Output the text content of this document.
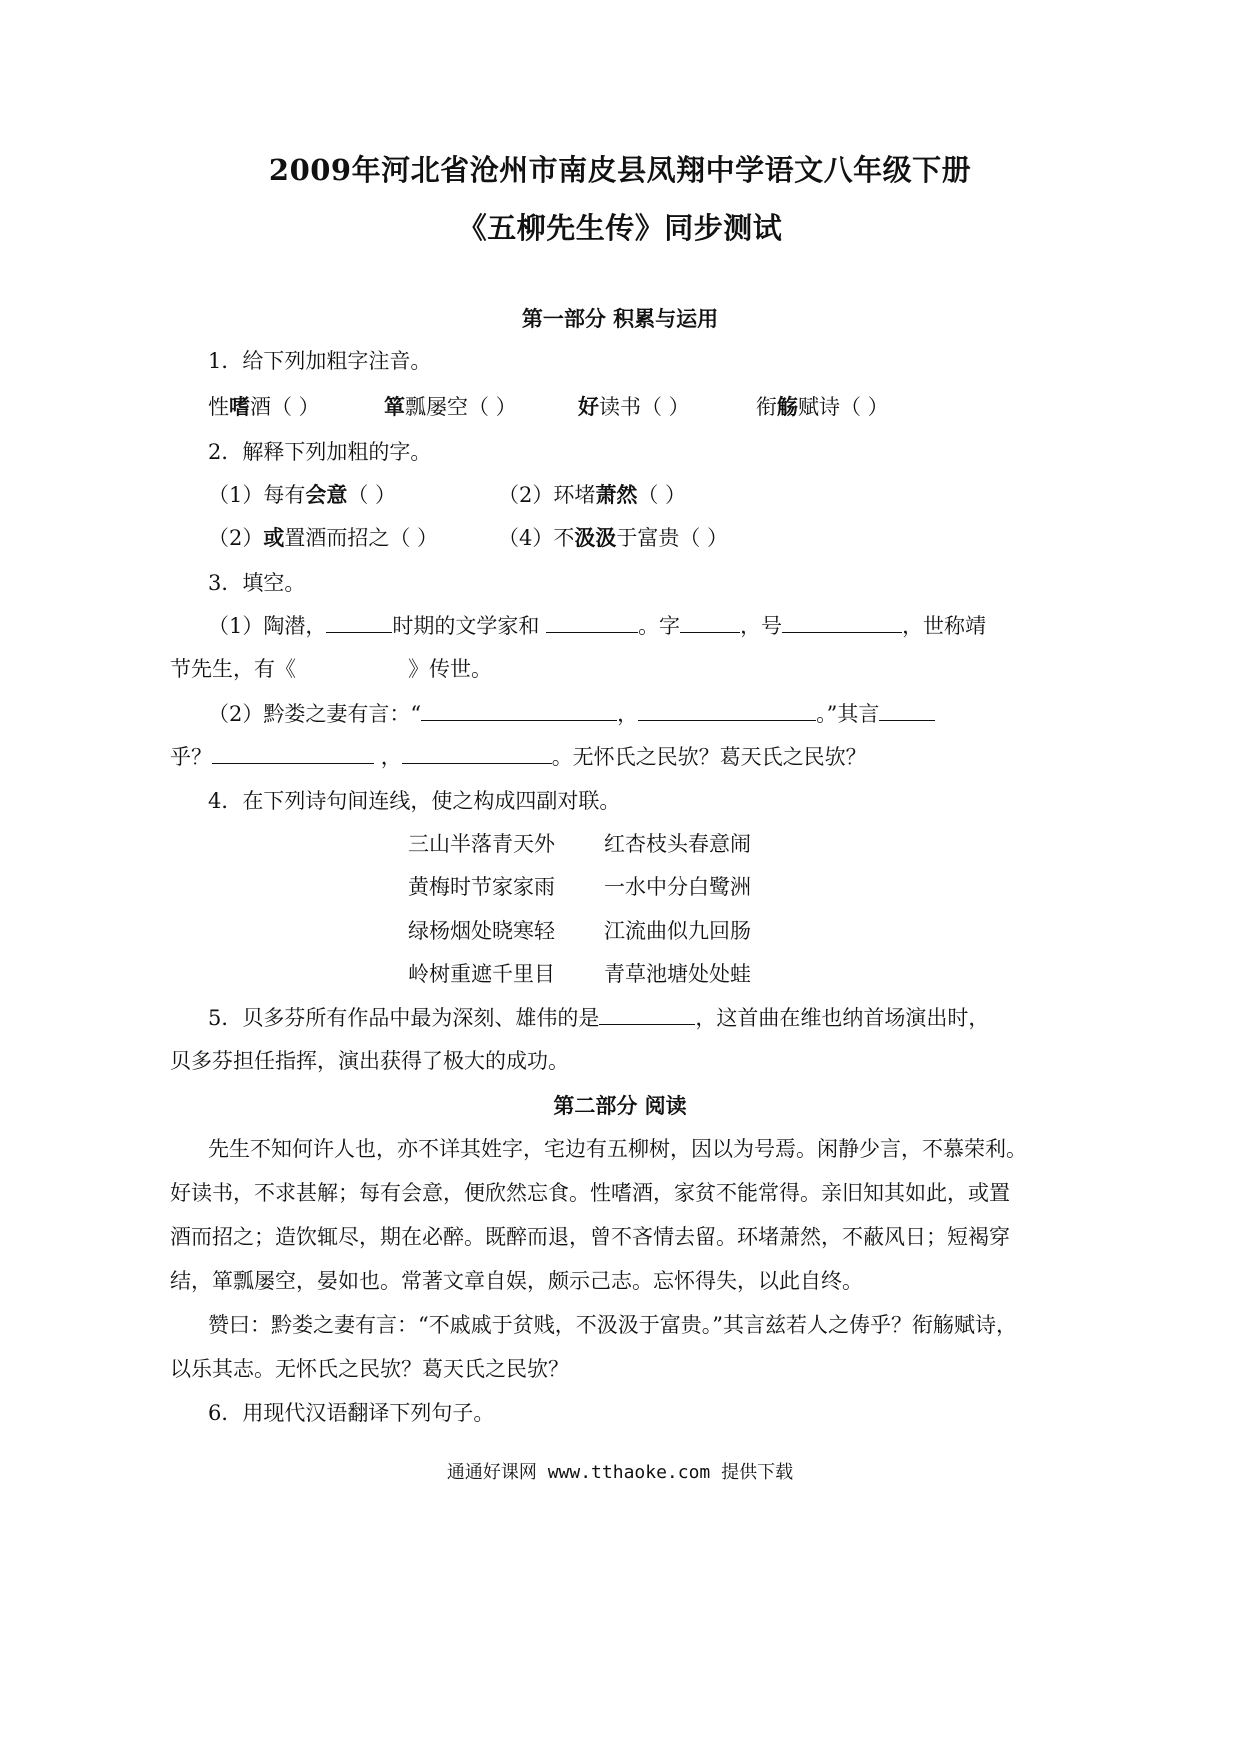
2009年河北省沧州市南皮县凤翔中学语文八年级下册
《五柳先生传》同步测试
第一部分 积累与运用
1．给下列加粗字注音。
性嗜酒（ ）	箪瓢屡空（ ）	好读书（ ）	衔觞赋诗（ ）
2．解释下列加粗的字。
（1）每有会意（ ）	（2）环堵萧然（ ）
（2）或置酒而招之（ ）	（4）不汲汲于富贵（ ）
3．填空。
（1）陶潜，	时期的文学家和	。字	，号	，世称靖
节先生，有《	》传世。
（2）黔娄之妻有言：“	，	。”其言
乎？	，	。无怀氏之民欤？葛天氏之民欤？
4．在下列诗句间连线，使之构成四副对联。
三山半落青天外 红杏枝头春意闹
黄梅时节家家雨 一水中分白鹭洲
绿杨烟处晓寒轻 江流曲似九回肠
岭树重遮千里目 青草池塘处处蛙
5．贝多芬所有作品中最为深刻、雄伟的是	，这首曲在维也纳首场演出时，
贝多芬担任指挥，演出获得了极大的成功。
第二部分 阅读
先生不知何许人也，亦不详其姓字，宅边有五柳树，因以为号焉。闲静少言，不慕荣利。
好读书，不求甚解；每有会意，便欣然忘食。性嗜酒，家贫不能常得。亲旧知其如此，或置
酒而招之；造饮辄尽，期在必醉。既醉而退，曾不吝情去留。环堵萧然，不蔽风日；短褐穿
结，箪瓢屡空，晏如也。常著文章自娱，颇示己志。忘怀得失，以此自终。
赞曰：黔娄之妻有言：“不戚戚于贫贱，不汲汲于富贵。”其言兹若人之俦乎？衔觞赋诗，
以乐其志。无怀氏之民欤？葛天氏之民欤？
6．用现代汉语翻译下列句子。
通通好课网 www.tthaoke.com 提供下载
